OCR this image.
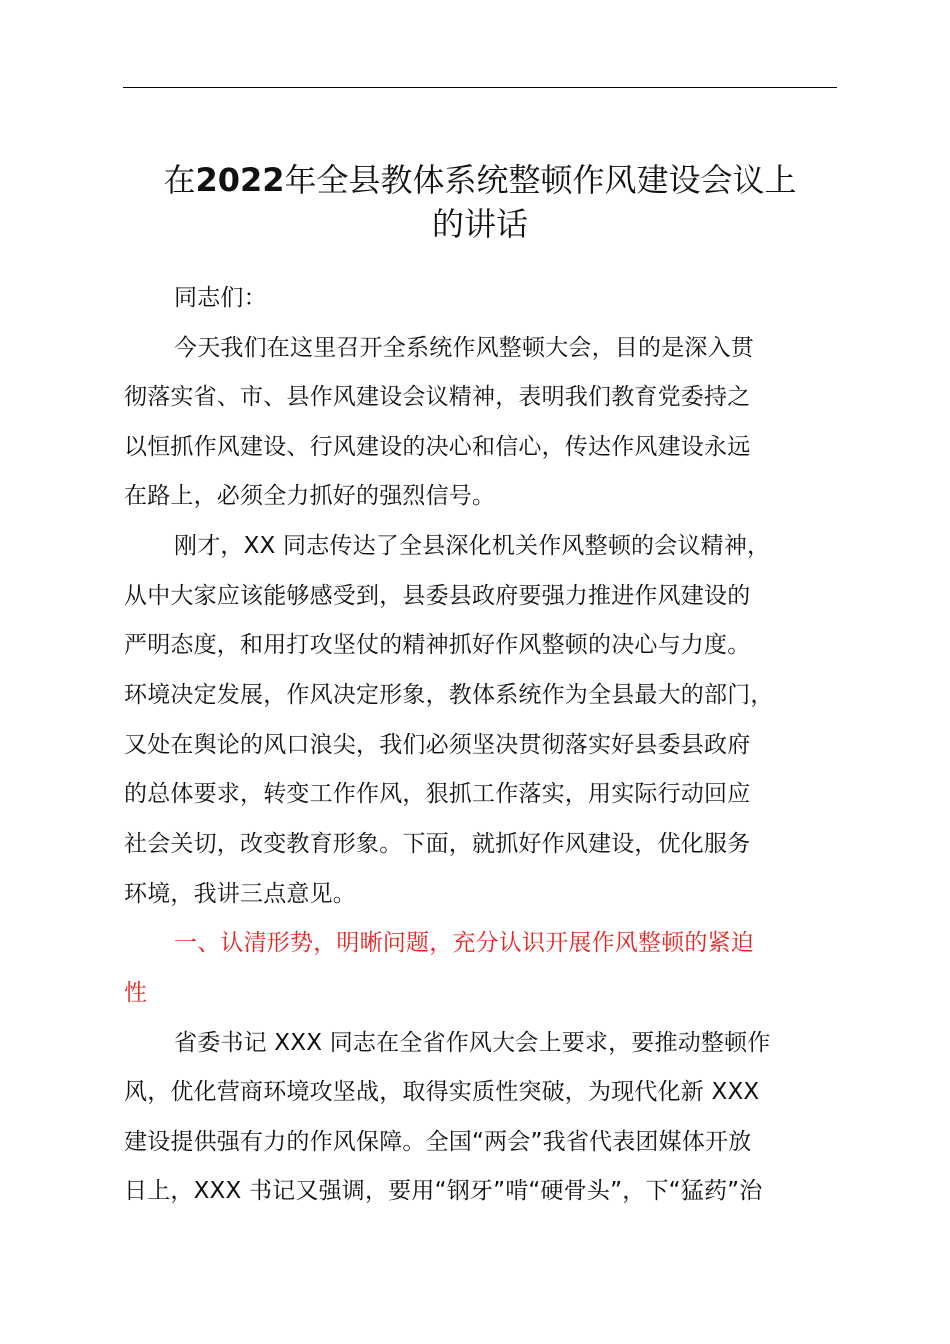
在2022年全县教体系统整顿作风建设会议上
的讲话
同志们：
今天我们在这里召开全系统作风整顿大会，目的是深入贯
彻落实省、市、县作风建设会议精神，表明我们教育党委持之
以恒抓作风建设、行风建设的决心和信心，传达作风建设永远
在路上，必须全力抓好的强烈信号。
刚才，XX 同志传达了全县深化机关作风整顿的会议精神，
从中大家应该能够感受到，县委县政府要强力推进作风建设的
严明态度，和用打攻坚仗的精神抓好作风整顿的决心与力度。
环境决定发展，作风决定形象，教体系统作为全县最大的部门，
又处在舆论的风口浪尖，我们必须坚决贯彻落实好县委县政府
的总体要求，转变工作作风，狠抓工作落实，用实际行动回应
社会关切，改变教育形象。下面，就抓好作风建设，优化服务
环境，我讲三点意见。
一、认清形势，明晰问题，充分认识开展作风整顿的紧迫
性
省委书记 XXX 同志在全省作风大会上要求，要推动整顿作
风，优化营商环境攻坚战，取得实质性突破，为现代化新 XXX
建设提供强有力的作风保障。全国“两会”我省代表团媒体开放
日上，XXX 书记又强调，要用“钢牙”啃“硬骨头”，下“猛药”治
